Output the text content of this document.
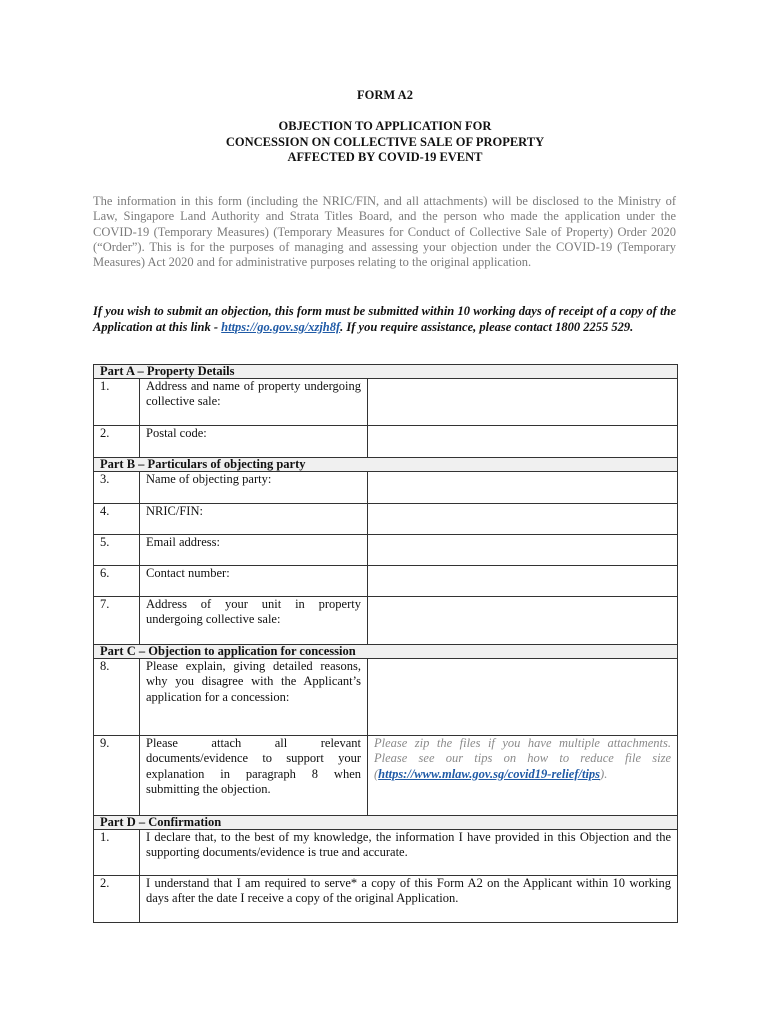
FORM A2
OBJECTION TO APPLICATION FOR
CONCESSION ON COLLECTIVE SALE OF PROPERTY
AFFECTED BY COVID-19 EVENT
The information in this form (including the NRIC/FIN, and all attachments) will be disclosed to the Ministry of Law, Singapore Land Authority and Strata Titles Board, and the person who made the application under the COVID-19 (Temporary Measures) (Temporary Measures for Conduct of Collective Sale of Property) Order 2020 (“Order”). This is for the purposes of managing and assessing your objection under the COVID-19 (Temporary Measures) Act 2020 and for administrative purposes relating to the original application.
If you wish to submit an objection, this form must be submitted within 10 working days of receipt of a copy of the Application at this link - https://go.gov.sg/xzjh8f. If you require assistance, please contact 1800 2255 529.
Part A – Property Details		
1.	Address and name of property undergoing collective sale:	
2.	Postal code:	
Part B – Particulars of objecting party		
3.	Name of objecting party:	
4.	NRIC/FIN:	
5.	Email address:	
6.	Contact number:	
7.	Address of your unit in property undergoing collective sale:	
Part C – Objection to application for concession		
8.	Please explain, giving detailed reasons, why you disagree with the Applicant’s application for a concession:	
9.	Please attach all relevant documents/evidence to support your explanation in paragraph 8 when submitting the objection.	Please zip the files if you have multiple attachments. Please see our tips on how to reduce file size (https://www.mlaw.gov.sg/covid19-relief/tips).
Part D – Confirmation		
1.	I declare that, to the best of my knowledge, the information I have provided in this Objection and the supporting documents/evidence is true and accurate.	
2.	I understand that I am required to serve* a copy of this Form A2 on the Applicant within 10 working days after the date I receive a copy of the original Application.	
